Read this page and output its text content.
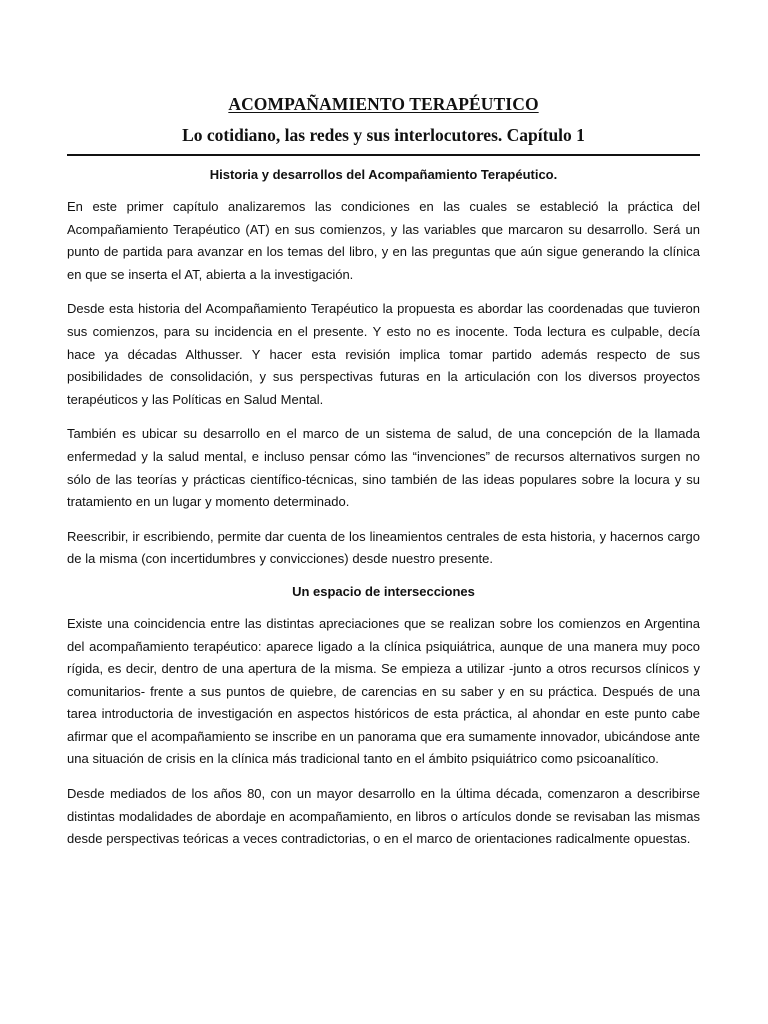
ACOMPAÑAMIENTO TERAPÉUTICO
Lo cotidiano, las redes y sus interlocutores. Capítulo 1
Historia y desarrollos del Acompañamiento Terapéutico.

En este primer capítulo analizaremos las condiciones en las cuales se estableció la práctica del Acompañamiento Terapéutico (AT) en sus comienzos, y las variables que marcaron su desarrollo. Será un punto de partida para avanzar en los temas del libro, y en las preguntas que aún sigue generando la clínica en que se inserta el AT, abierta a la investigación.

Desde esta historia del Acompañamiento Terapéutico la propuesta es abordar las coordenadas que tuvieron sus comienzos, para su incidencia en el presente. Y esto no es inocente. Toda lectura es culpable, decía hace ya décadas Althusser. Y hacer esta revisión implica tomar partido además respecto de sus posibilidades de consolidación, y sus perspectivas futuras en la articulación con los diversos proyectos terapéuticos y las Políticas en Salud Mental.

También es ubicar su desarrollo en el marco de un sistema de salud, de una concepción de la llamada enfermedad y la salud mental, e incluso pensar cómo las “invenciones” de recursos alternativos surgen no sólo de las teorías y prácticas científico-técnicas, sino también de las ideas populares sobre la locura y su tratamiento en un lugar y momento determinado.

Reescribir, ir escribiendo, permite dar cuenta de los lineamientos centrales de esta historia, y hacernos cargo de la misma (con incertidumbres y convicciones) desde nuestro presente.

Un espacio de intersecciones

Existe una coincidencia entre las distintas apreciaciones que se realizan sobre los comienzos en Argentina del acompañamiento terapéutico: aparece ligado a la clínica psiquiátrica, aunque de una manera muy poco rígida, es decir, dentro de una apertura de la misma. Se empieza a utilizar -junto a otros recursos clínicos y comunitarios- frente a sus puntos de quiebre, de carencias en su saber y en su práctica. Después de una tarea introductoria de investigación en aspectos históricos de esta práctica, al ahondar en este punto cabe afirmar que el acompañamiento se inscribe en un panorama que era sumamente innovador, ubicándose ante una situación de crisis en la clínica más tradicional tanto en el ámbito psiquiátrico como psicoanalítico.

Desde mediados de los años 80, con un mayor desarrollo en la última década, comenzaron a describirse distintas modalidades de abordaje en acompañamiento, en libros o artículos donde se revisaban las mismas desde perspectivas teóricas a veces contradictorias, o en el marco de orientaciones radicalmente opuestas.
